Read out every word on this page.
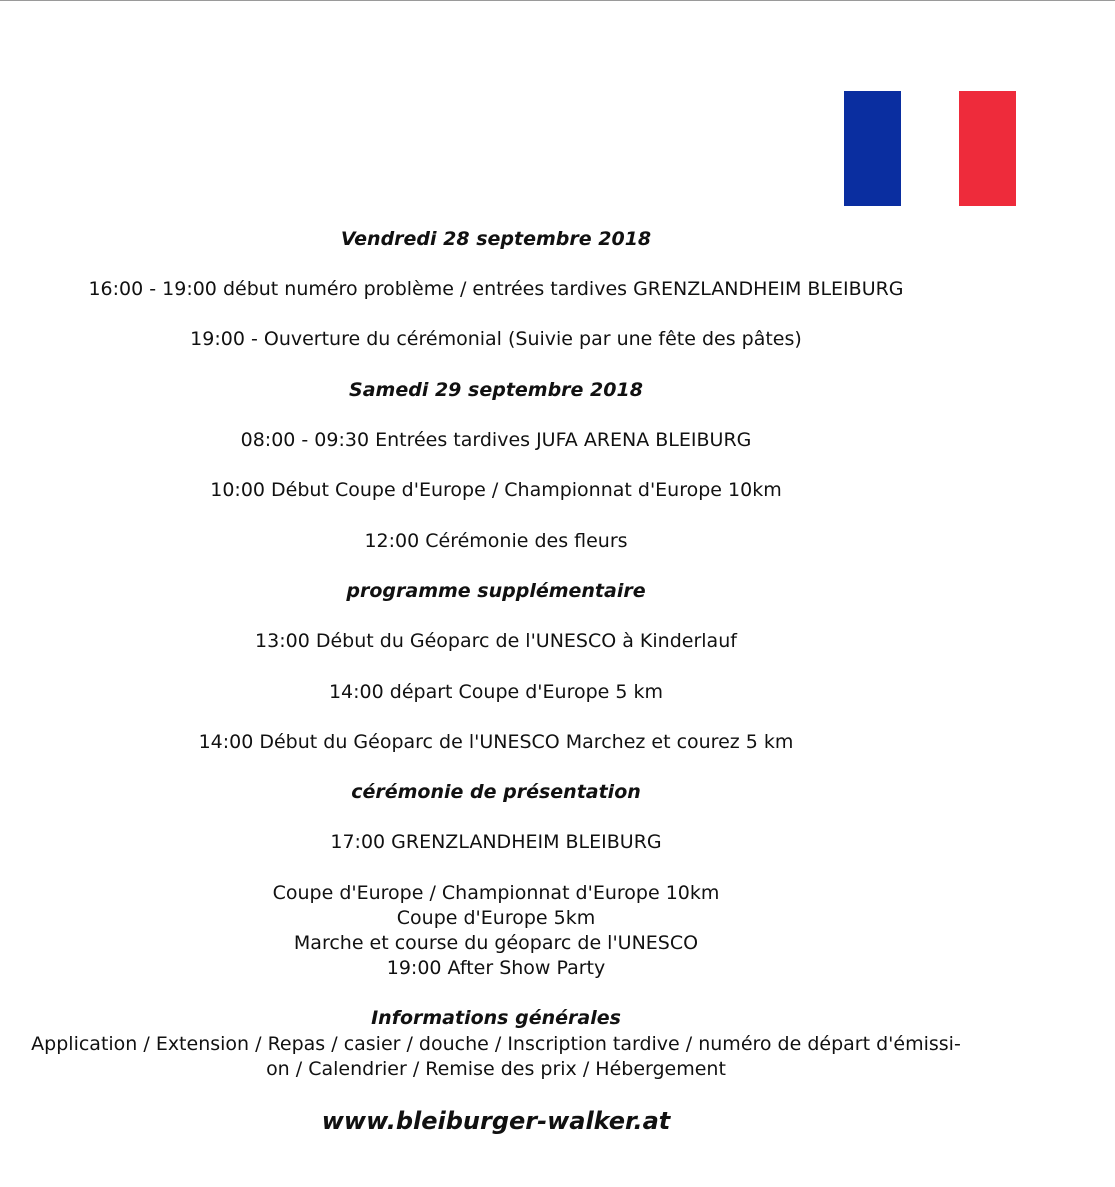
Vendredi 28 septembre 2018
16:00 - 19:00 début numéro problème / entrées tardives GRENZLANDHEIM BLEIBURG
19:00 - Ouverture du cérémonial (Suivie par une fête des pâtes)
Samedi 29 septembre 2018
08:00 - 09:30 Entrées tardives JUFA ARENA BLEIBURG
10:00 Début Coupe d'Europe / Championnat d'Europe 10km
12:00 Cérémonie des fleurs
programme supplémentaire
13:00 Début du Géoparc de l'UNESCO à Kinderlauf
14:00 départ Coupe d'Europe 5 km
14:00 Début du Géoparc de l'UNESCO Marchez et courez 5 km
cérémonie de présentation
17:00 GRENZLANDHEIM BLEIBURG
Coupe d'Europe / Championnat d'Europe 10km
Coupe d'Europe 5km
Marche et course du géoparc de l'UNESCO
19:00 After Show Party
Informations générales
Application / Extension / Repas / casier / douche / Inscription tardive / numéro de départ d'émissi-
on / Calendrier / Remise des prix / Hébergement
www.bleiburger-walker.at
